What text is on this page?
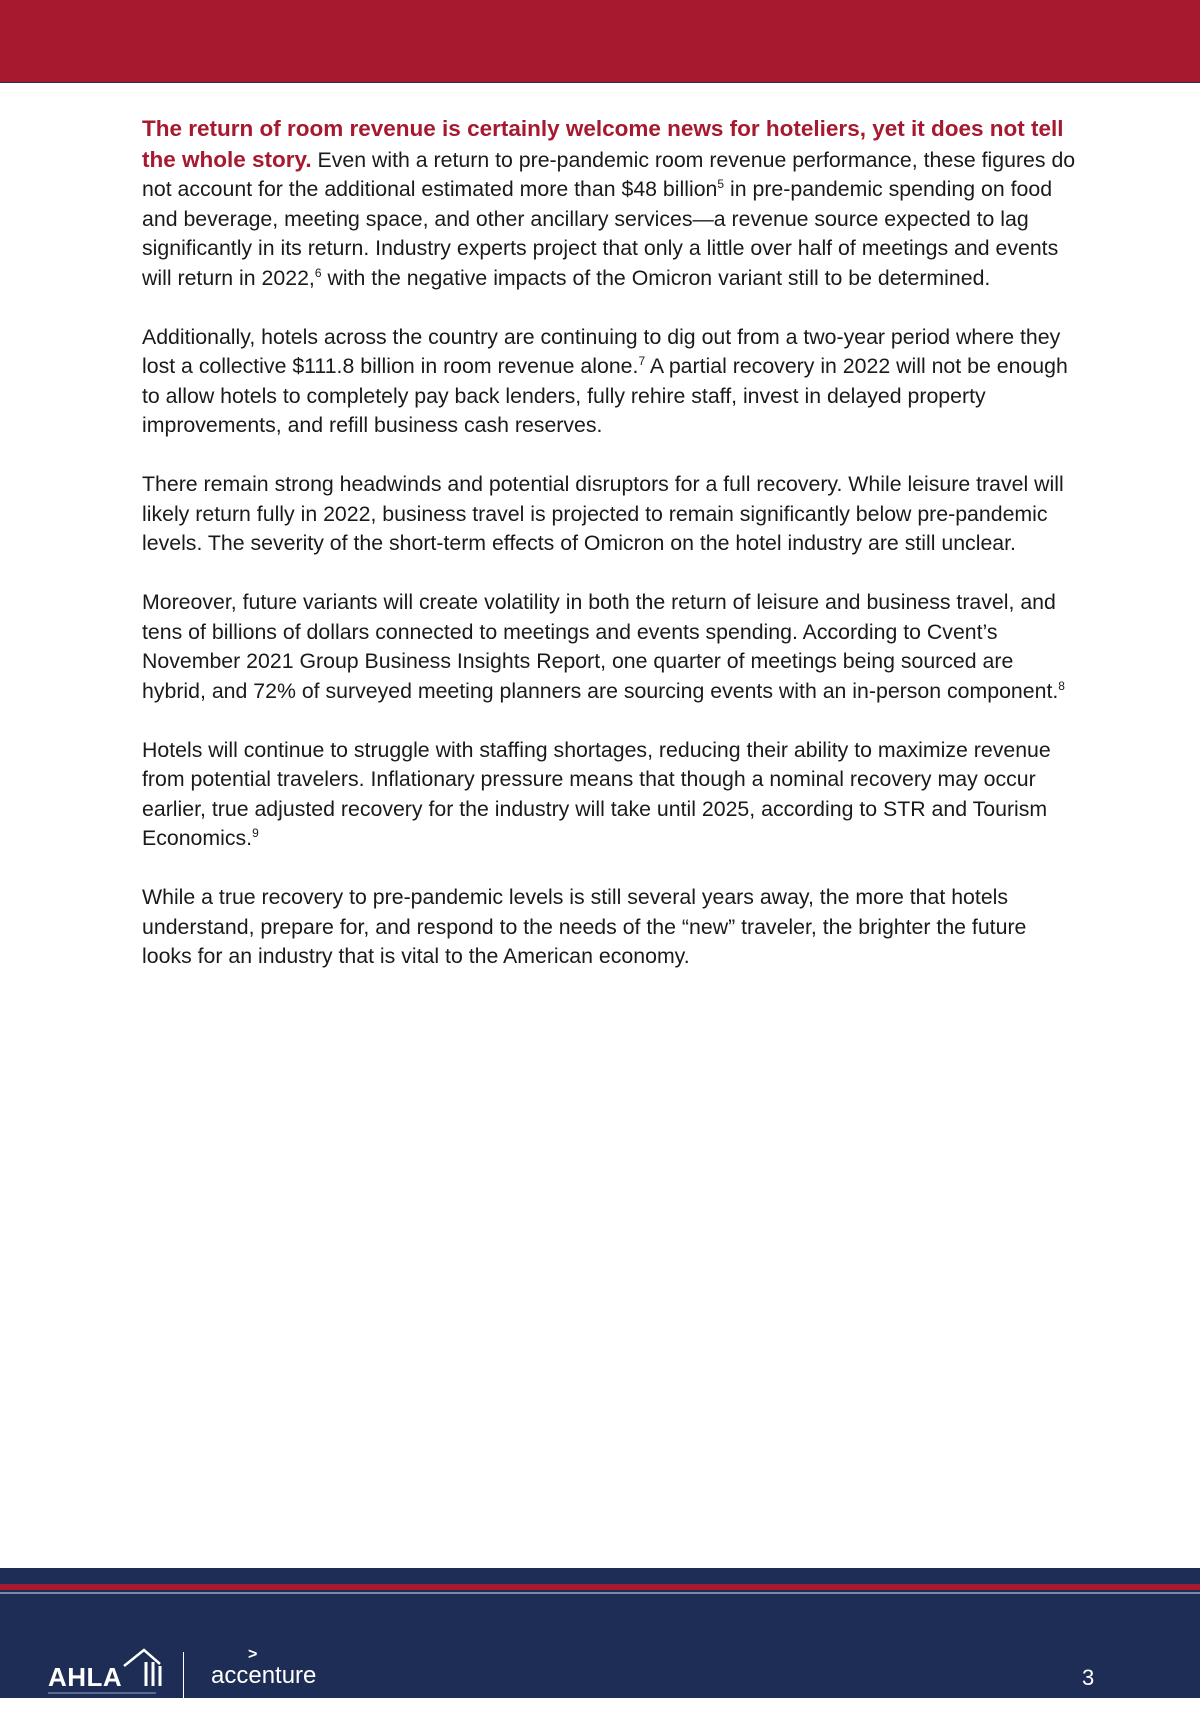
The return of room revenue is certainly welcome news for hoteliers, yet it does not tell the whole story. Even with a return to pre-pandemic room revenue performance, these figures do not account for the additional estimated more than $48 billion$^5$ in pre-pandemic spending on food and beverage, meeting space, and other ancillary services—a revenue source expected to lag significantly in its return. Industry experts project that only a little over half of meetings and events will return in 2022,$^6$ with the negative impacts of the Omicron variant still to be determined.

Additionally, hotels across the country are continuing to dig out from a two-year period where they lost a collective $111.8 billion in room revenue alone.$^7$ A partial recovery in 2022 will not be enough to allow hotels to completely pay back lenders, fully rehire staff, invest in delayed property improvements, and refill business cash reserves.

There remain strong headwinds and potential disruptors for a full recovery. While leisure travel will likely return fully in 2022, business travel is projected to remain significantly below pre-pandemic levels. The severity of the short-term effects of Omicron on the hotel industry are still unclear.

Moreover, future variants will create volatility in both the return of leisure and business travel, and tens of billions of dollars connected to meetings and events spending. According to Cvent’s November 2021 Group Business Insights Report, one quarter of meetings being sourced are hybrid, and 72% of surveyed meeting planners are sourcing events with an in-person component.$^8$

Hotels will continue to struggle with staffing shortages, reducing their ability to maximize revenue from potential travelers. Inflationary pressure means that though a nominal recovery may occur earlier, true adjusted recovery for the industry will take until 2025, according to STR and Tourism Economics.$^9$

While a true recovery to pre-pandemic levels is still several years away, the more that hotels understand, prepare for, and respond to the needs of the “new” traveler, the brighter the future looks for an industry that is vital to the American economy.

AHLA
>
accenture	3
